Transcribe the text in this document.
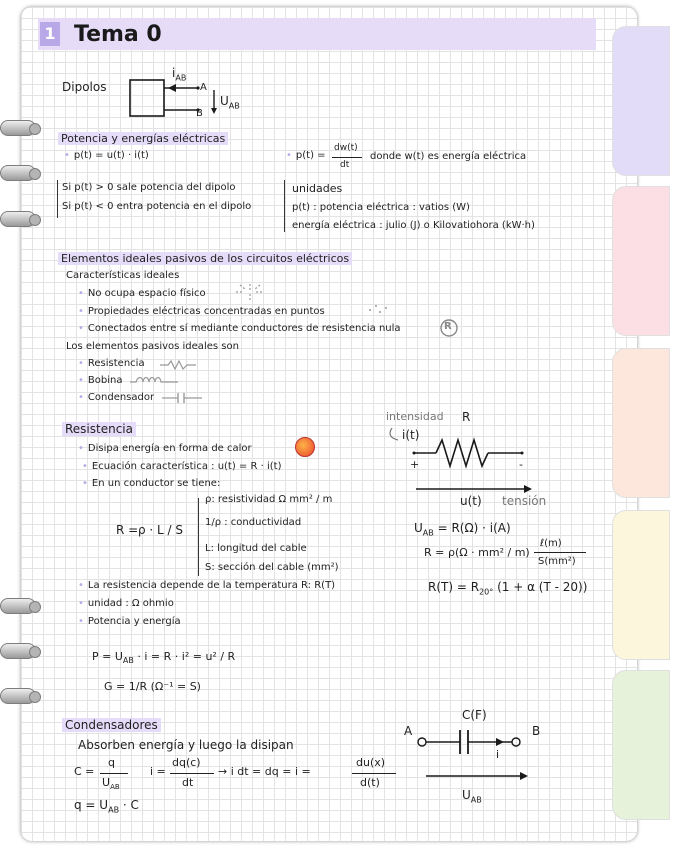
1 Tema 0
Dipolos
$i_{AB}$
A
B
$U_{AB}$
Potencia y energías eléctricas
• p(t) = u(t) · i(t)
•	p(t) =
dw(t)
dt
donde w(t) es energía eléctrica
Si p(t) > 0 sale potencia del dipolo
Si p(t) < 0 entra potencia en el dipolo
unidades
p(t) : potencia eléctrica : vatios (W)
energía eléctrica : julio (J) o Kilovatiohora (kW·h)
Elementos ideales pasivos de los circuitos eléctricos
Características ideales
• No ocupa espacio físico
• Propiedades eléctricas concentradas en puntos
• Conectados entre sí mediante conductores de resistencia nula	R
Los elementos pasivos ideales son
• Resistencia
• Bobina
• Condensador
Resistencia
• Disipa energía en forma de calor
• Ecuación característica : u(t) = R · i(t)
• En un conductor se tiene:
R = ρ · L / S
ρ: resistividad Ω mm² / m
1/ρ : conductividad
L: longitud del cable
S: sección del cable (mm²)
• La resistencia depende de la temperatura R: R(T)
• unidad : Ω ohmio
• Potencia y energía
$P = U_{AB} \cdot i = R \cdot i^2 = u^2 / R$
G = 1/R (Ω⁻¹ = S)
intensidad R
i(t)
+	-
u(t) tensión
$U_{AB} = R(\Omega) \cdot i(A)$
R = ρ(Ω · mm² / m)
ℓ(m)
S(mm²)
$R(T) = R_{20^\circ}$ (1 + α (T - 20))
Condensadores
Absorben energía y luego la disipan
C =
q
$U_{AB}$
i =
dq(c)
dt
→ i dt = dq = i =
du(x)
d(t)
$q = U_{AB} \cdot C$
C(F)
A	B
i
$U_{AB}$
